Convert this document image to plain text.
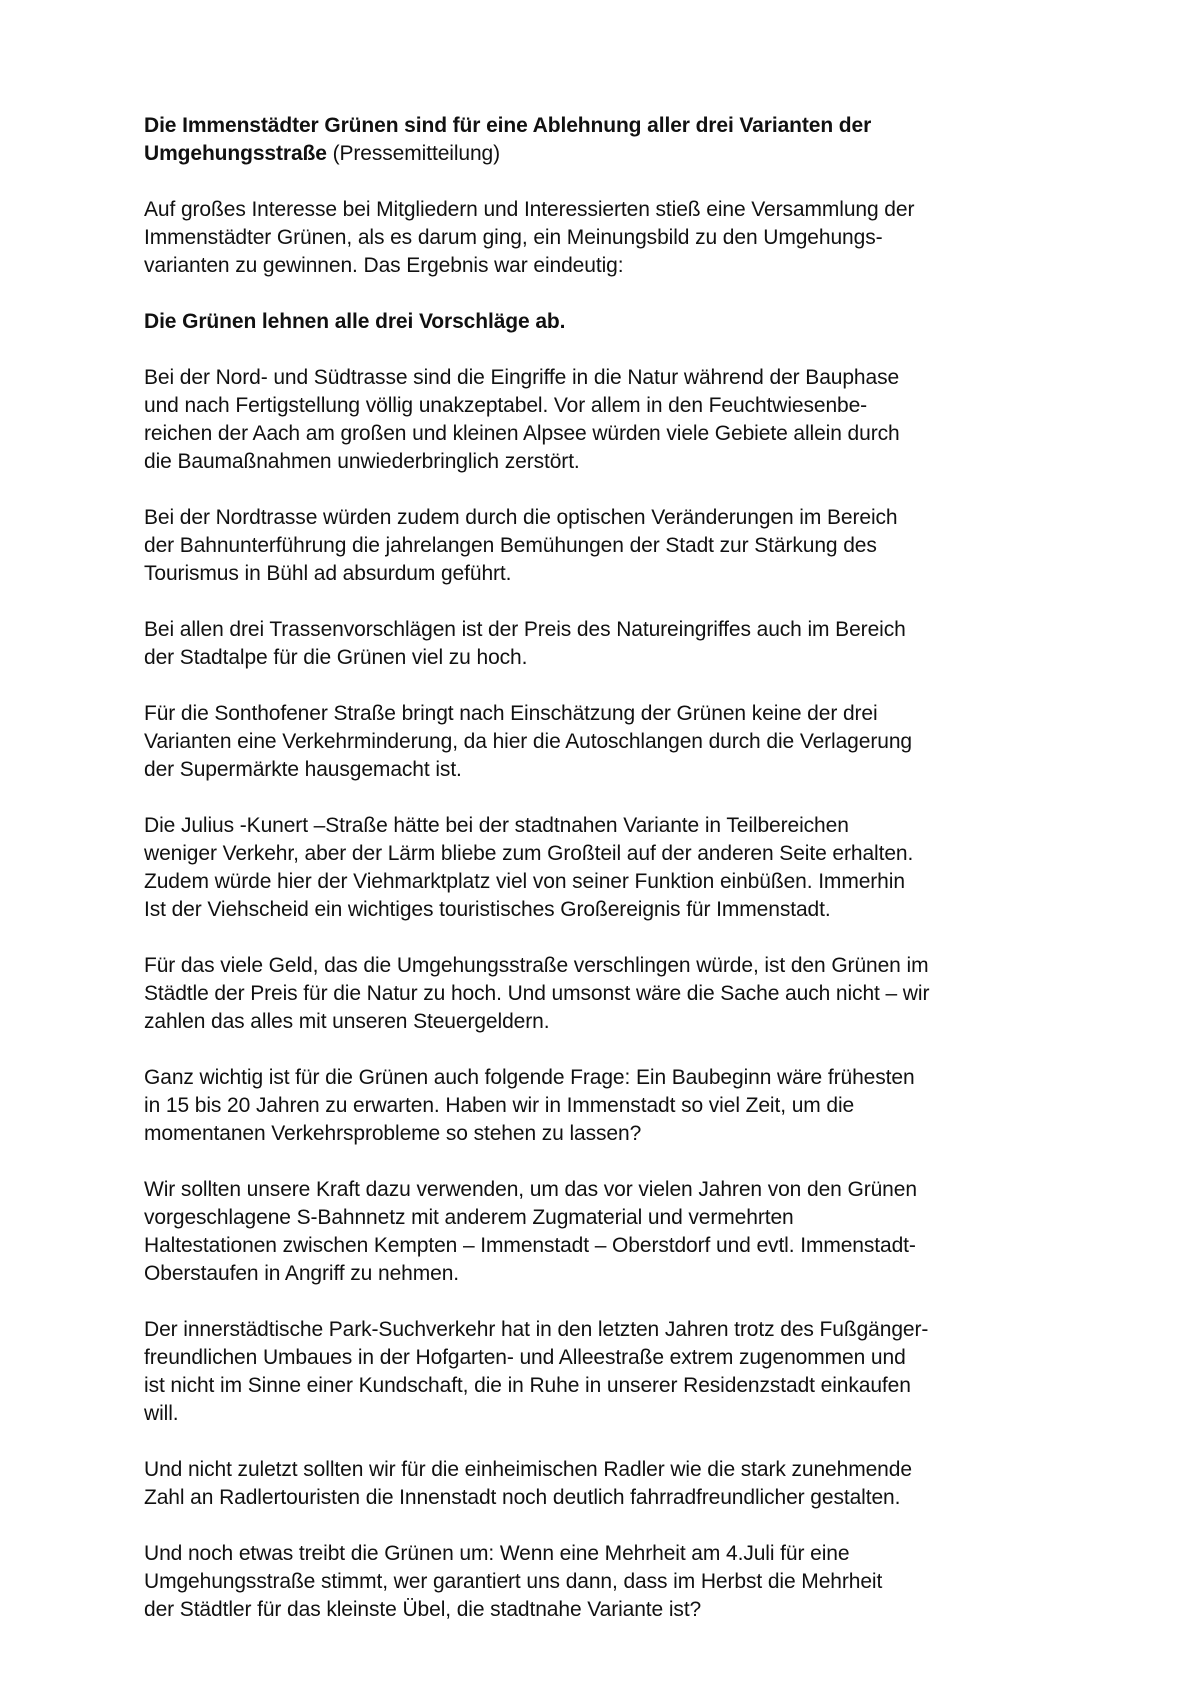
Die Immenstädter Grünen sind für eine Ablehnung aller drei Varianten der
Umgehungsstraße (Pressemitteilung)
Auf großes Interesse bei Mitgliedern und Interessierten stieß eine Versammlung der
Immenstädter Grünen, als es darum ging, ein Meinungsbild zu den Umgehungs-
varianten zu gewinnen. Das Ergebnis war eindeutig:
Die Grünen lehnen alle drei Vorschläge ab.
Bei der Nord- und Südtrasse sind die Eingriffe in die Natur während der Bauphase
und nach Fertigstellung völlig unakzeptabel. Vor allem in den Feuchtwiesenbe-
reichen der Aach am großen und kleinen Alpsee würden viele Gebiete allein durch
die Baumaßnahmen unwiederbringlich zerstört.
Bei der Nordtrasse würden zudem durch die optischen Veränderungen im Bereich
der Bahnunterführung die jahrelangen Bemühungen der Stadt zur Stärkung des
Tourismus in Bühl ad absurdum geführt.
Bei allen drei Trassenvorschlägen ist der Preis des Natureingriffes auch im Bereich
der Stadtalpe für die Grünen viel zu hoch.
Für die Sonthofener Straße bringt nach Einschätzung der Grünen keine der drei
Varianten eine Verkehrminderung, da hier die Autoschlangen durch die Verlagerung
der Supermärkte hausgemacht ist.
Die Julius -Kunert –Straße hätte bei der stadtnahen Variante in Teilbereichen
weniger Verkehr, aber der Lärm bliebe zum Großteil auf der anderen Seite erhalten.
Zudem würde hier der Viehmarktplatz viel von seiner Funktion einbüßen. Immerhin
Ist der Viehscheid ein wichtiges touristisches Großereignis für Immenstadt.
Für das viele Geld, das die Umgehungsstraße verschlingen würde, ist den Grünen im
Städtle der Preis für die Natur zu hoch. Und umsonst wäre die Sache auch nicht – wir
zahlen das alles mit unseren Steuergeldern.
Ganz wichtig ist für die Grünen auch folgende Frage: Ein Baubeginn wäre frühesten
in 15 bis 20 Jahren zu erwarten. Haben wir in Immenstadt so viel Zeit, um die
momentanen Verkehrsprobleme so stehen zu lassen?
Wir sollten unsere Kraft dazu verwenden, um das vor vielen Jahren von den Grünen
vorgeschlagene S-Bahnnetz mit anderem Zugmaterial und vermehrten
Haltestationen zwischen Kempten – Immenstadt – Oberstdorf und evtl. Immenstadt-
Oberstaufen in Angriff zu nehmen.
Der innerstädtische Park-Suchverkehr hat in den letzten Jahren trotz des Fußgänger-
freundlichen Umbaues in der Hofgarten- und Alleestraße extrem zugenommen und
ist nicht im Sinne einer Kundschaft, die in Ruhe in unserer Residenzstadt einkaufen
will.
Und nicht zuletzt sollten wir für die einheimischen Radler wie die stark zunehmende
Zahl an Radlertouristen die Innenstadt noch deutlich fahrradfreundlicher gestalten.
Und noch etwas treibt die Grünen um: Wenn eine Mehrheit am 4.Juli für eine
Umgehungsstraße stimmt, wer garantiert uns dann, dass im Herbst die Mehrheit
der Städtler für das kleinste Übel, die stadtnahe Variante ist?
